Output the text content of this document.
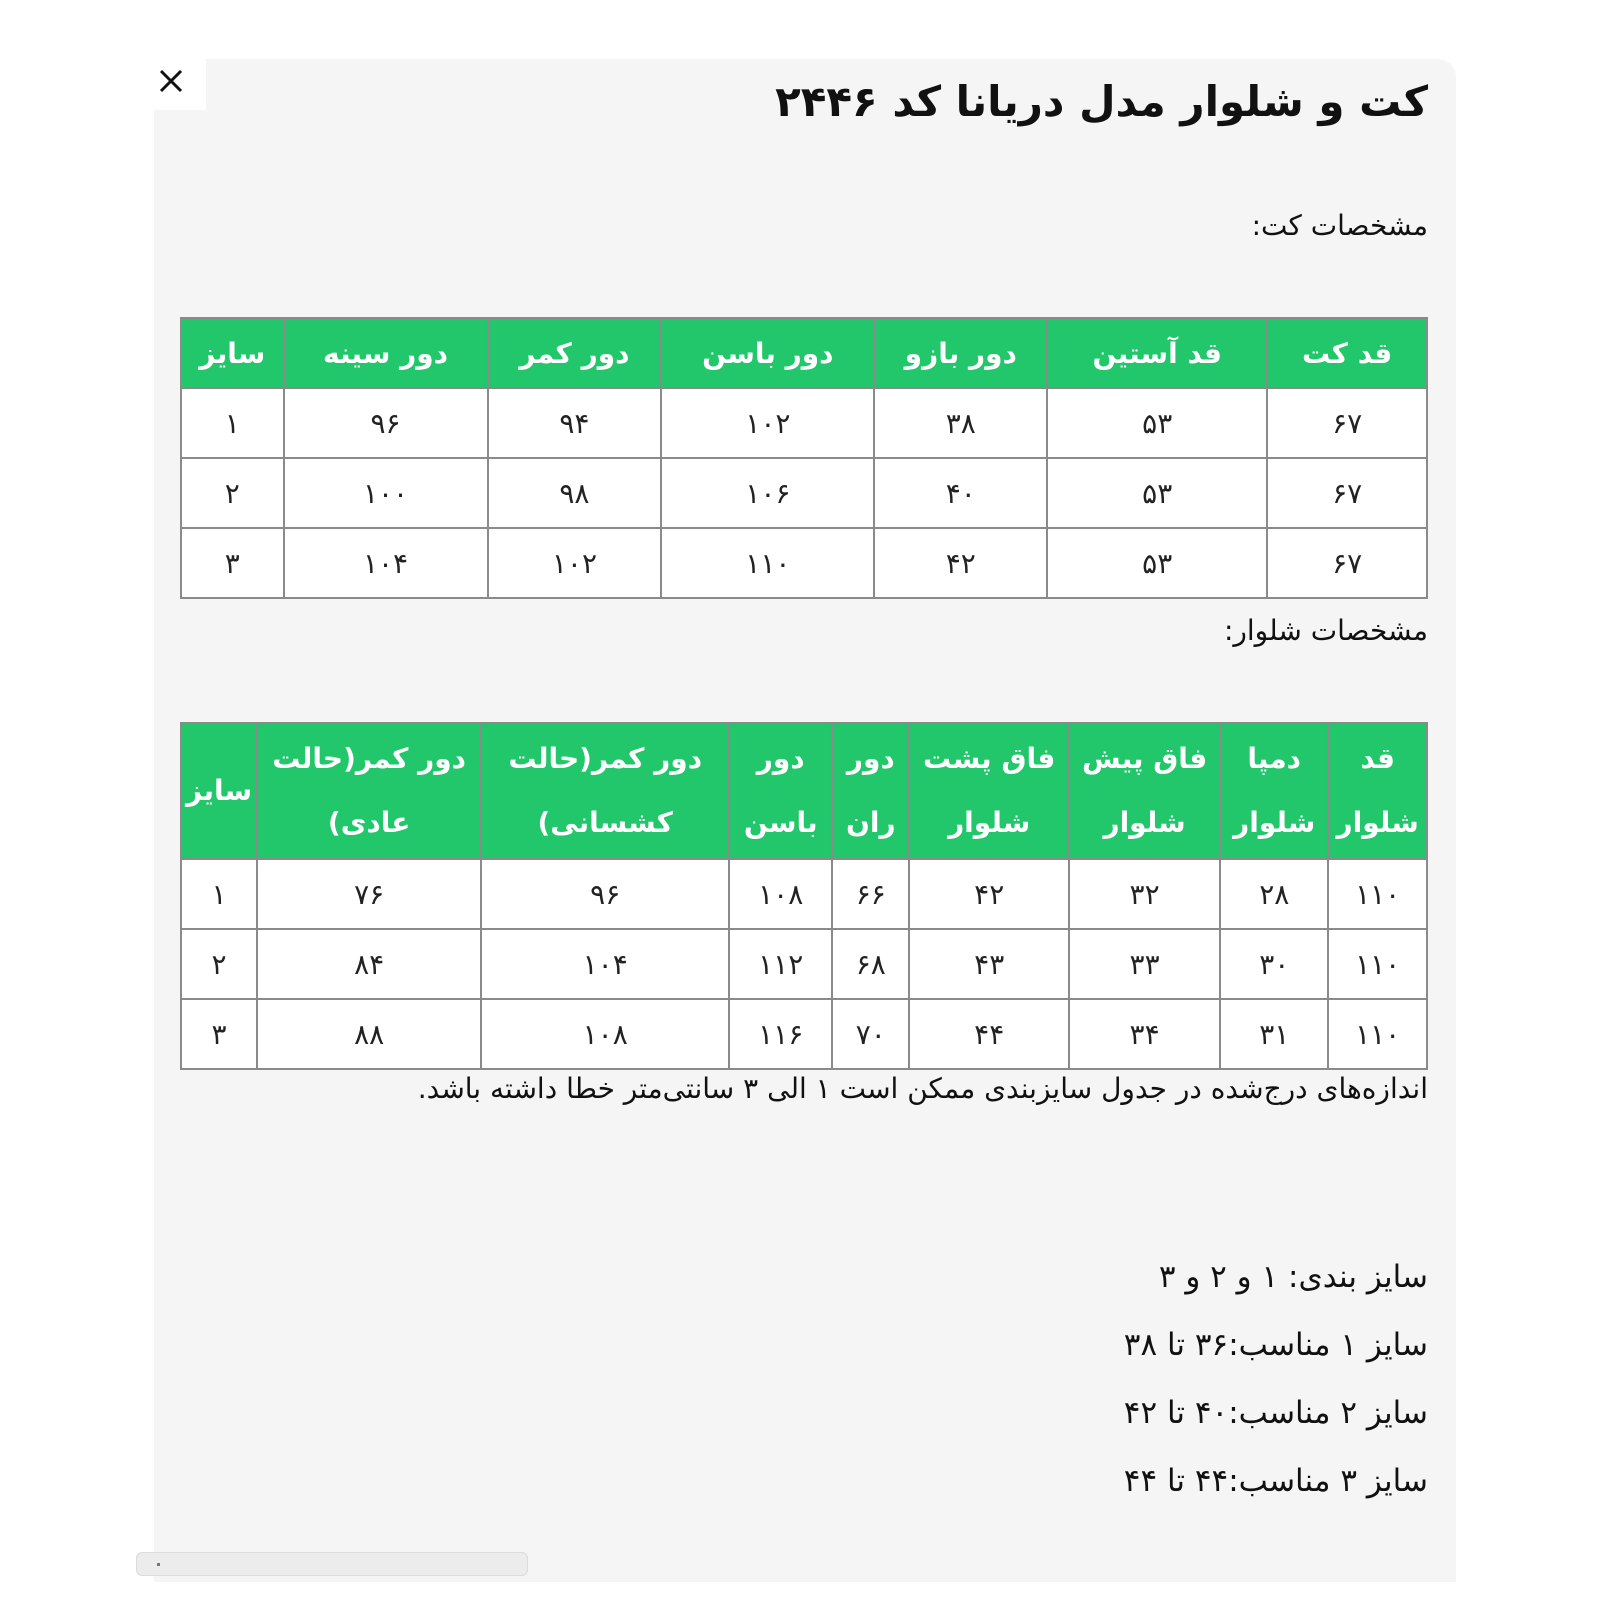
کت و شلوار مدل دریانا کد ۲۴۴۶

مشخصات کت:

قد کت	قد آستین	دور بازو	دور باسن	دور کمر	دور سینه	سایز
۶۷	۵۳	۳۸	۱۰۲	۹۴	۹۶	۱
۶۷	۵۳	۴۰	۱۰۶	۹۸	۱۰۰	۲
۶۷	۵۳	۴۲	۱۱۰	۱۰۲	۱۰۴	۳

مشخصات شلوار:

قد شلوار	دمپا شلوار	فاق پیش شلوار	فاق پشت شلوار	دور ران	دور باسن	دور کمر(حالت کشسانی)	دور کمر(حالت عادی)	سایز
۱۱۰	۲۸	۳۲	۴۲	۶۶	۱۰۸	۹۶	۷۶	۱
۱۱۰	۳۰	۳۳	۴۳	۶۸	۱۱۲	۱۰۴	۸۴	۲
۱۱۰	۳۱	۳۴	۴۴	۷۰	۱۱۶	۱۰۸	۸۸	۳

اندازه‌های درج‌شده در جدول سایزبندی ممکن است ۱ الی ۳ سانتی‌متر خطا داشته باشد.

سایز بندی: ۱ و ۲ و ۳

سایز ۱ مناسب:۳۶ تا ۳۸

سایز ۲ مناسب:۴۰ تا ۴۲

سایز ۳ مناسب:۴۴ تا ۴۴
